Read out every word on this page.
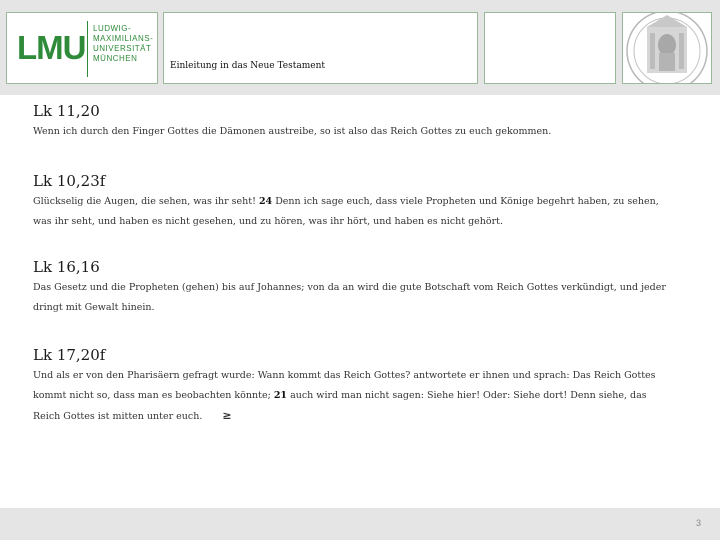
LMU
LUDWIG-
MAXIMILIANS-
UNIVERSITÄT
MÜNCHEN
Einleitung in das Neue Testament

Lk 11,20

Wenn ich durch den Finger Gottes die Dämonen austreibe, so ist also das Reich Gottes zu euch gekommen.

Lk 10,23f

Glückselig die Augen, die sehen, was ihr seht! 24 Denn ich sage euch, dass viele Propheten und Könige begehrt haben, zu sehen, was ihr seht, und haben es nicht gesehen, und zu hören, was ihr hört, und haben es nicht gehört.

Lk 16,16

Das Gesetz und die Propheten (gehen) bis auf Johannes; von da an wird die gute Botschaft vom Reich Gottes verkündigt, und jeder dringt mit Gewalt hinein.

Lk 17,20f

Und als er von den Pharisäern gefragt wurde: Wann kommt das Reich Gottes? antwortete er ihnen und sprach: Das Reich Gottes kommt nicht so, dass man es beobachten könnte; 21 auch wird man nicht sagen: Siehe hier! Oder: Siehe dort! Denn siehe, das Reich Gottes ist mitten unter euch. ≥

3
